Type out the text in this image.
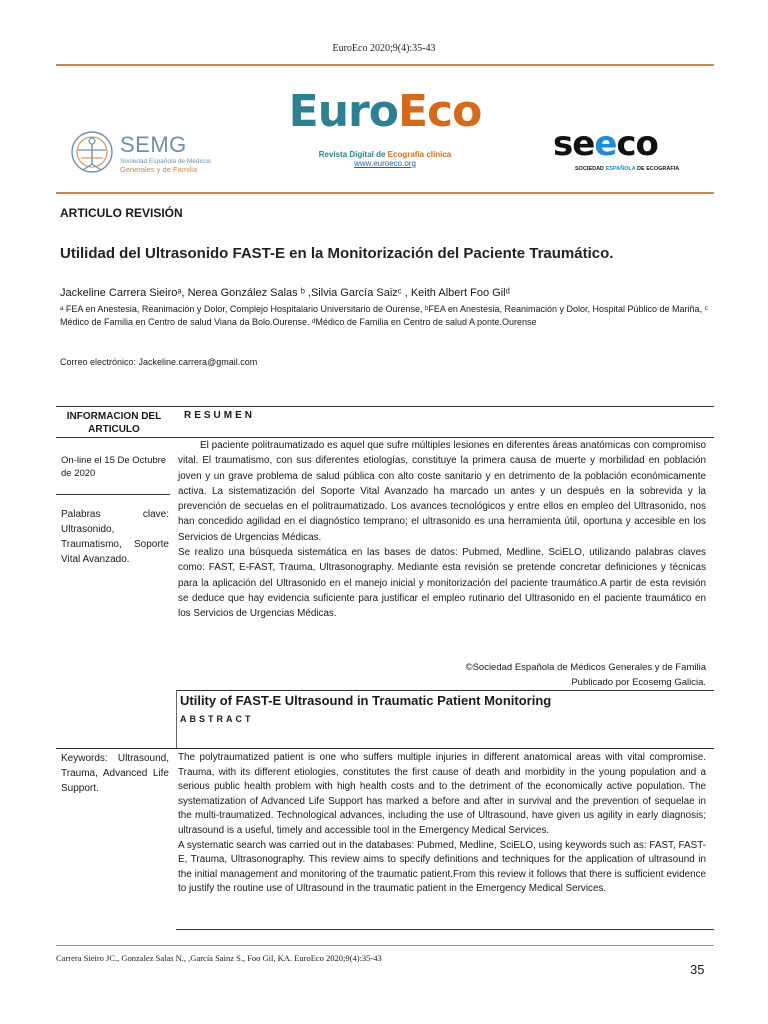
EuroEco 2020;9(4):35-43
SEMG
Sociedad Española de Médicos
Generales y de Familia
EuroEco
Revista Digital de Ecografía clínica
www.euroeco.org	seeco
SOCIEDAD ESPAÑOLA DE ECOGRAFIA
ARTICULO REVISIÓN
Utilidad del Ultrasonido FAST-E en la Monitorización del Paciente Traumático.
Jackeline Carrera Sieiroᵃ, Nerea González Salas ᵇ ,Silvia García Saizᶜ , Keith Albert Foo Gilᵈ
ᵃ FEA en Anestesia, Reanimación y Dolor, Complejo Hospitalario Universitario de Ourense, ᵇFEA en Anestesia, Reanimación y Dolor, Hospital Público de Mariña, ᶜ Médico de Familia en Centro de salud Viana da Bolo.Ourense. ᵈMédico de Familia en Centro de salud A ponte.Ourense
Correo electrónico: Jackeline.carrera@gmail.com
INFORMACION DEL ARTICULO
RESUMEN
On-line el 15 De Octubre de 2020
Palabras clave: Ultrasonido, Traumatismo, Soporte Vital Avanzado.

El paciente politraumatizado es aquel que sufre múltiples lesiones en diferentes áreas anatómicas con compromiso vital. El traumatismo, con sus diferentes etiologías, constituye la primera causa de muerte y morbilidad en población joven y un grave problema de salud pública con alto coste sanitario y en detrimento de la población económicamente activa. La sistematización del Soporte Vital Avanzado ha marcado un antes y un después en la sobrevida y la prevención de secuelas en el politraumatizado. Los avances tecnológicos y entre ellos en empleo del Ultrasonido, nos han concedido agilidad en el diagnóstico temprano; el ultrasonido es una herramienta útil, oportuna y accesible en los Servicios de Urgencias Médicas.

Se realizo una búsqueda sistemática en las bases de datos: Pubmed, Medline, SciELO, utilizando palabras claves como: FAST, E-FAST, Trauma, Ultrasonography. Mediante esta revisión se pretende concretar definiciones y técnicas para la aplicación del Ultrasonido en el manejo inicial y monitorización del paciente traumático.A partir de esta revisión se deduce que hay evidencia suficiente para justificar el empleo rutinario del Ultrasonido en el paciente traumático en los Servicios de Urgencias Médicas.

©Sociedad Española de Médicos Generales y de Familia
Publicado por Ecosemg Galicia.
Utility of FAST-E Ultrasound in Traumatic Patient Monitoring
ABSTRACT
Keywords: Ultrasound, Trauma, Advanced Life Support.

The polytraumatized patient is one who suffers multiple injuries in different anatomical areas with vital compromise. Trauma, with its different etiologies, constitutes the first cause of death and morbidity in the young population and a serious public health problem with high health costs and to the detriment of the economically active population. The systematization of Advanced Life Support has marked a before and after in survival and the prevention of sequelae in the multi-traumatized. Technological advances, including the use of Ultrasound, have given us agility in early diagnosis; ultrasound is a useful, timely and accessible tool in the Emergency Medical Services.

A systematic search was carried out in the databases: Pubmed, Medline, SciELO, using keywords such as: FAST, FAST-E, Trauma, Ultrasonography. This review aims to specify definitions and techniques for the application of ultrasound in the initial management and monitoring of the traumatic patient.From this review it follows that there is sufficient evidence to justify the routine use of Ultrasound in the traumatic patient in the Emergency Medical Services.

Carrera Sieiro JC., Gonzalez Salas N., ,García Sainz S., Foo Gil, KA. EuroEco 2020;9(4):35-43
35
